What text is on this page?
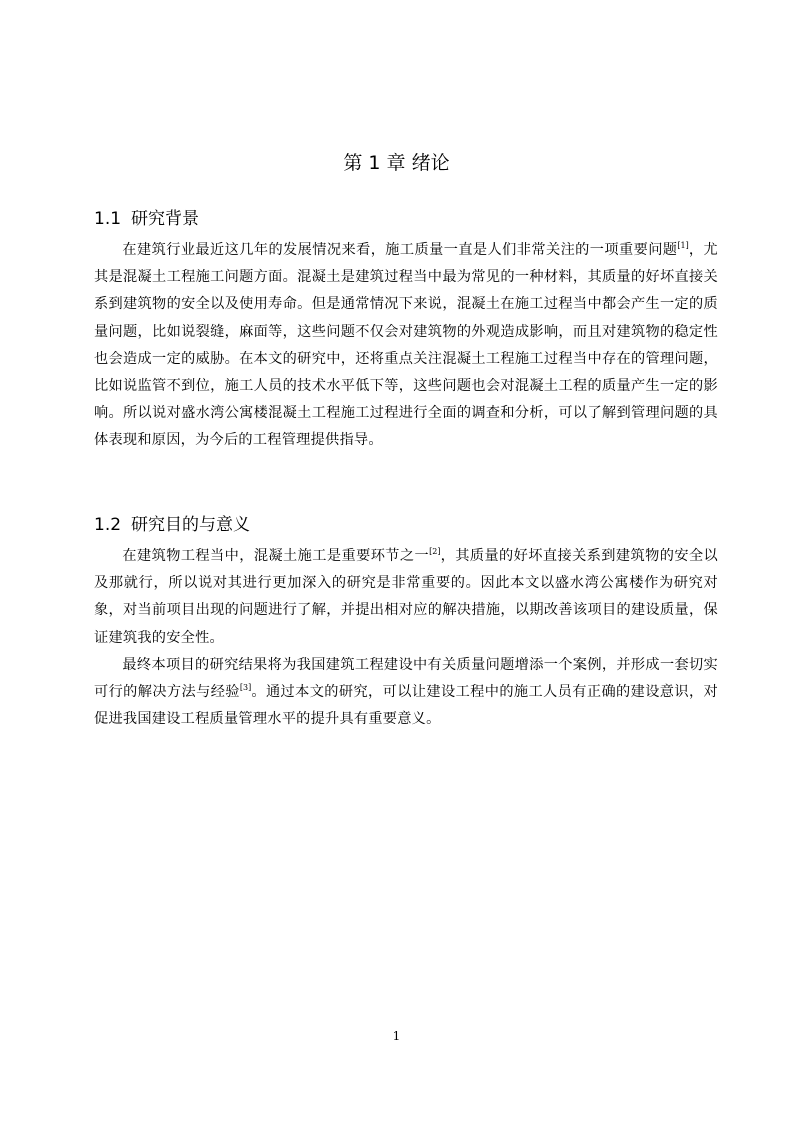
第 1 章 绪论
1.1 研究背景

在建筑行业最近这几年的发展情况来看，施工质量一直是人们非常关注的一项重要问题[1]，尤其是混凝土工程施工问题方面。混凝土是建筑过程当中最为常见的一种材料，其质量的好坏直接关系到建筑物的安全以及使用寿命。但是通常情况下来说，混凝土在施工过程当中都会产生一定的质量问题，比如说裂缝，麻面等，这些问题不仅会对建筑物的外观造成影响，而且对建筑物的稳定性也会造成一定的威胁。在本文的研究中，还将重点关注混凝土工程施工过程当中存在的管理问题，比如说监管不到位，施工人员的技术水平低下等，这些问题也会对混凝土工程的质量产生一定的影响。所以说对盛水湾公寓楼混凝土工程施工过程进行全面的调查和分析，可以了解到管理问题的具体表现和原因，为今后的工程管理提供指导。

1.2 研究目的与意义

在建筑物工程当中，混凝土施工是重要环节之一[2]，其质量的好坏直接关系到建筑物的安全以及那就行，所以说对其进行更加深入的研究是非常重要的。因此本文以盛水湾公寓楼作为研究对象，对当前项目出现的问题进行了解，并提出相对应的解决措施，以期改善该项目的建设质量，保证建筑我的安全性。

最终本项目的研究结果将为我国建筑工程建设中有关质量问题增添一个案例，并形成一套切实可行的解决方法与经验[3]。通过本文的研究，可以让建设工程中的施工人员有正确的建设意识，对促进我国建设工程质量管理水平的提升具有重要意义。

1
